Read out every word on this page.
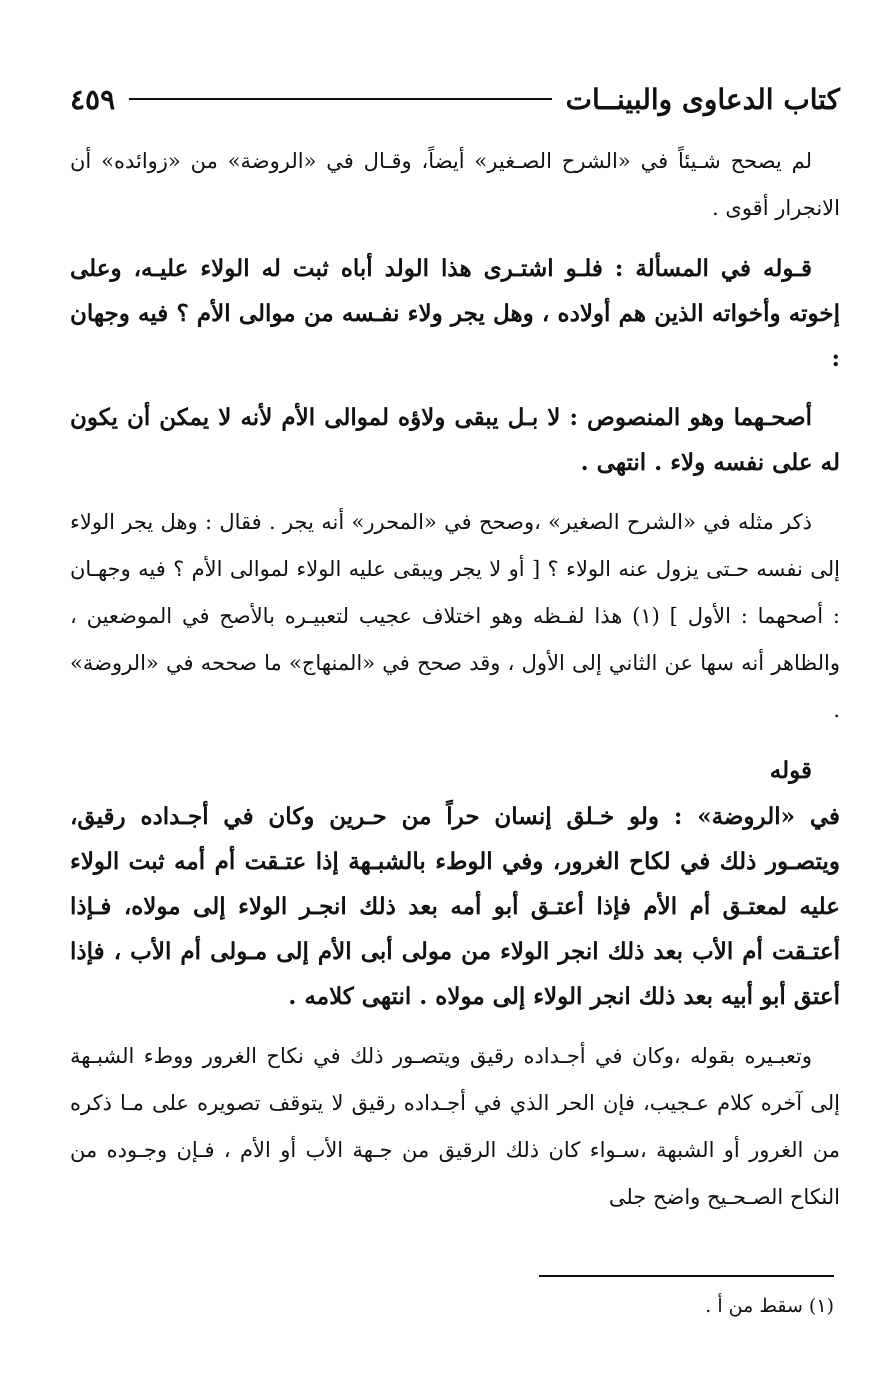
كتاب الدعاوى والبينــات
٤٥٩

لم يصحح شـيئاً في «الشرح الصـغير» أيضاً، وقـال في «الروضة» من «زوائده» أن الانجرار أقوى .

قـوله في المسألة : فلـو اشتـرى هذا الولد أباه ثبت له الولاء عليـه، وعلى إخوته وأخواته الذين هم أولاده ، وهل يجر ولاء نفـسه من موالى الأم ؟ فيه وجهان :

أصحـهما وهو المنصوص : لا بـل يبقى ولاؤه لموالى الأم لأنه لا يمكن أن يكون له على نفسه ولاء . انتهى .

ذكر مثله في «الشرح الصغير» ،وصحح في «المحرر» أنه يجر . فقال : وهل يجر الولاء إلى نفسه حـتى يزول عنه الولاء ؟ [ أو لا يجر ويبقى عليه الولاء لموالى الأم ؟ فيه وجهـان : أصحهما : الأول ] (١) هذا لفـظه وهو اختلاف عجيب لتعبيـره بالأصح في الموضعين ، والظاهر أنه سها عن الثاني إلى الأول ، وقد صحح في «المنهاج» ما صححه في «الروضة» .

قوله

في «الروضة» : ولو خـلق إنسان حراً من حـرين وكان في أجـداده رقيق، ويتصـور ذلك في لكاح الغرور، وفي الوطء بالشبـهة إذا عتـقت أم أمه ثبت الولاء عليه لمعتـق أم الأم فإذا أعتـق أبو أمه بعد ذلك انجـر الولاء إلى مولاه، فـإذا أعتـقت أم الأب بعد ذلك انجر الولاء من مولى أبى الأم إلى مـولى أم الأب ، فإذا أعتق أبو أبيه بعد ذلك انجر الولاء إلى مولاه . انتهى كلامه .

وتعبـيره بقوله ،وكان في أجـداده رقيق ويتصـور ذلك في نكاح الغرور ووطء الشبـهة إلى آخره كلام عـجيب، فإن الحر الذي في أجـداده رقيق لا يتوقف تصويره على مـا ذكره من الغرور أو الشبهة ،سـواء كان ذلك الرقيق من جـهة الأب أو الأم ، فـإن وجـوده من النكاح الصـحـيح واضح جلى

(١) سقط من أ .
